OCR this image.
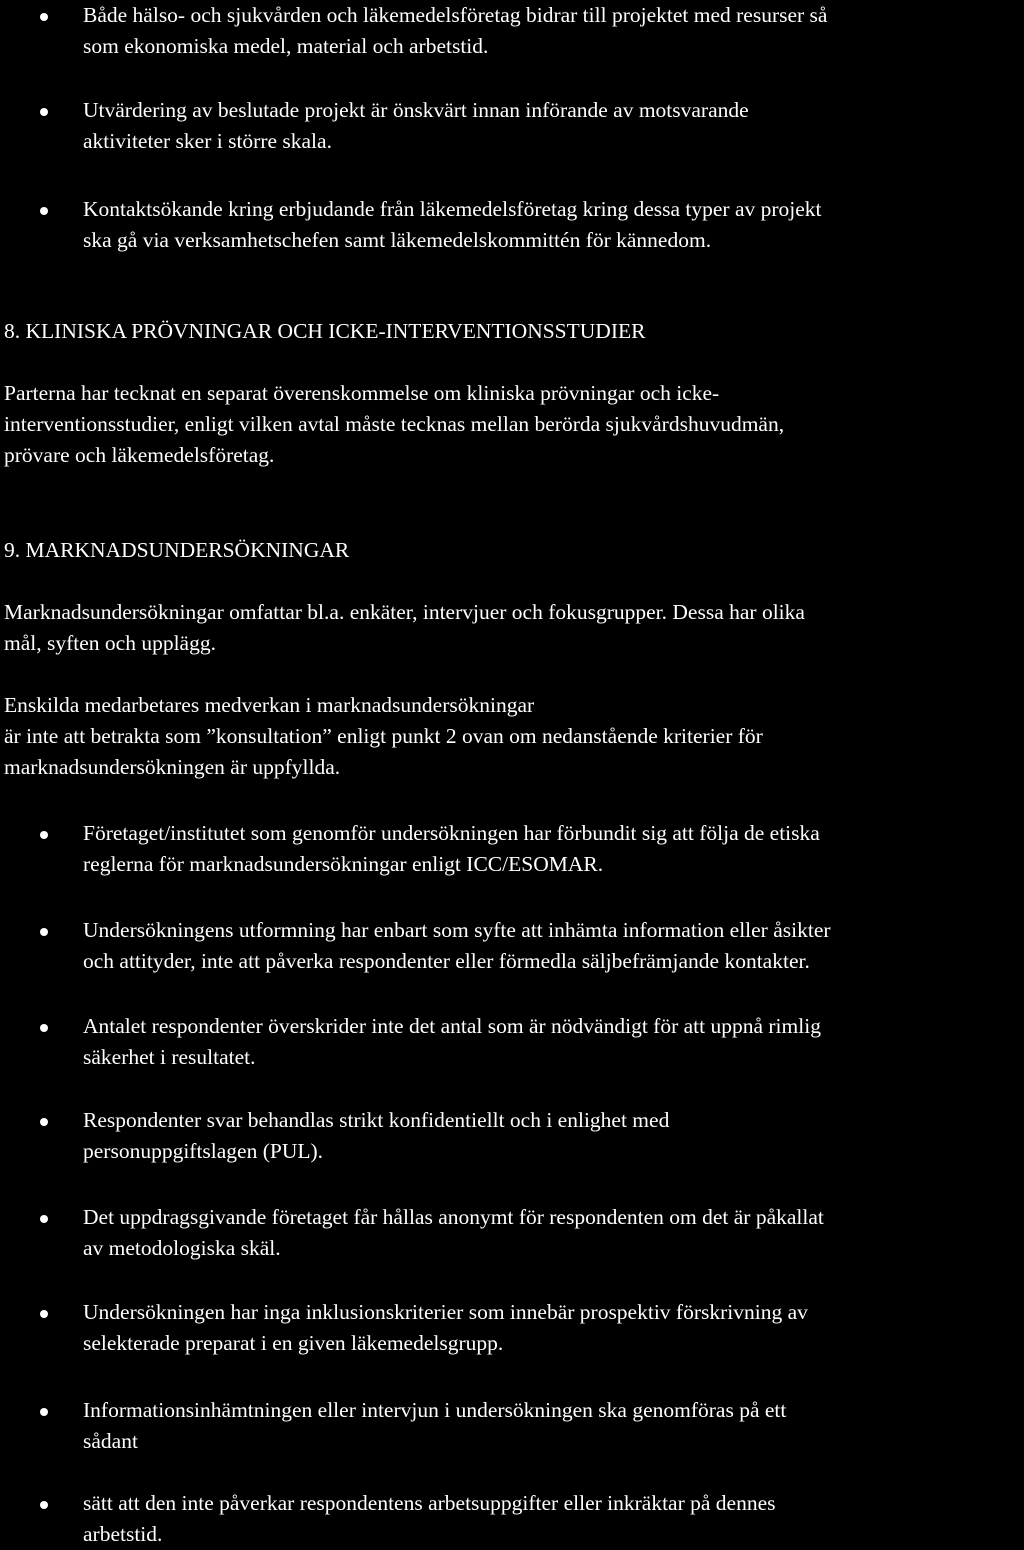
Både hälso- och sjukvården och läkemedelsföretag bidrar till projektet med resurser så
som ekonomiska medel, material och arbetstid.

Utvärdering av beslutade projekt är önskvärt innan införande av motsvarande
aktiviteter sker i större skala.

Kontaktsökande kring erbjudande från läkemedelsföretag kring dessa typer av projekt
ska gå via verksamhetschefen samt läkemedelskommittén för kännedom.

8. KLINISKA PRÖVNINGAR OCH ICKE-INTERVENTIONSSTUDIER

Parterna har tecknat en separat överenskommelse om kliniska prövningar och icke-
interventionsstudier, enligt vilken avtal måste tecknas mellan berörda sjukvårdshuvudmän,
prövare och läkemedelsföretag.

9. MARKNADSUNDERSÖKNINGAR

Marknadsundersökningar omfattar bl.a. enkäter, intervjuer och fokusgrupper. Dessa har olika
mål, syften och upplägg.

Enskilda medarbetares medverkan i marknadsundersökningar
är inte att betrakta som ”konsultation” enligt punkt 2 ovan om nedanstående kriterier för
marknadsundersökningen är uppfyllda.

Företaget/institutet som genomför undersökningen har förbundit sig att följa de etiska
reglerna för marknadsundersökningar enligt ICC/ESOMAR.

Undersökningens utformning har enbart som syfte att inhämta information eller åsikter
och attityder, inte att påverka respondenter eller förmedla säljbefrämjande kontakter.

Antalet respondenter överskrider inte det antal som är nödvändigt för att uppnå rimlig
säkerhet i resultatet.

Respondenter svar behandlas strikt konfidentiellt och i enlighet med
personuppgiftslagen (PUL).

Det uppdragsgivande företaget får hållas anonymt för respondenten om det är påkallat
av metodologiska skäl.

Undersökningen har inga inklusionskriterier som innebär prospektiv förskrivning av
selekterade preparat i en given läkemedelsgrupp.

Informationsinhämtningen eller intervjun i undersökningen ska genomföras på ett
sådant

sätt att den inte påverkar respondentens arbetsuppgifter eller inkräktar på dennes
arbetstid.
